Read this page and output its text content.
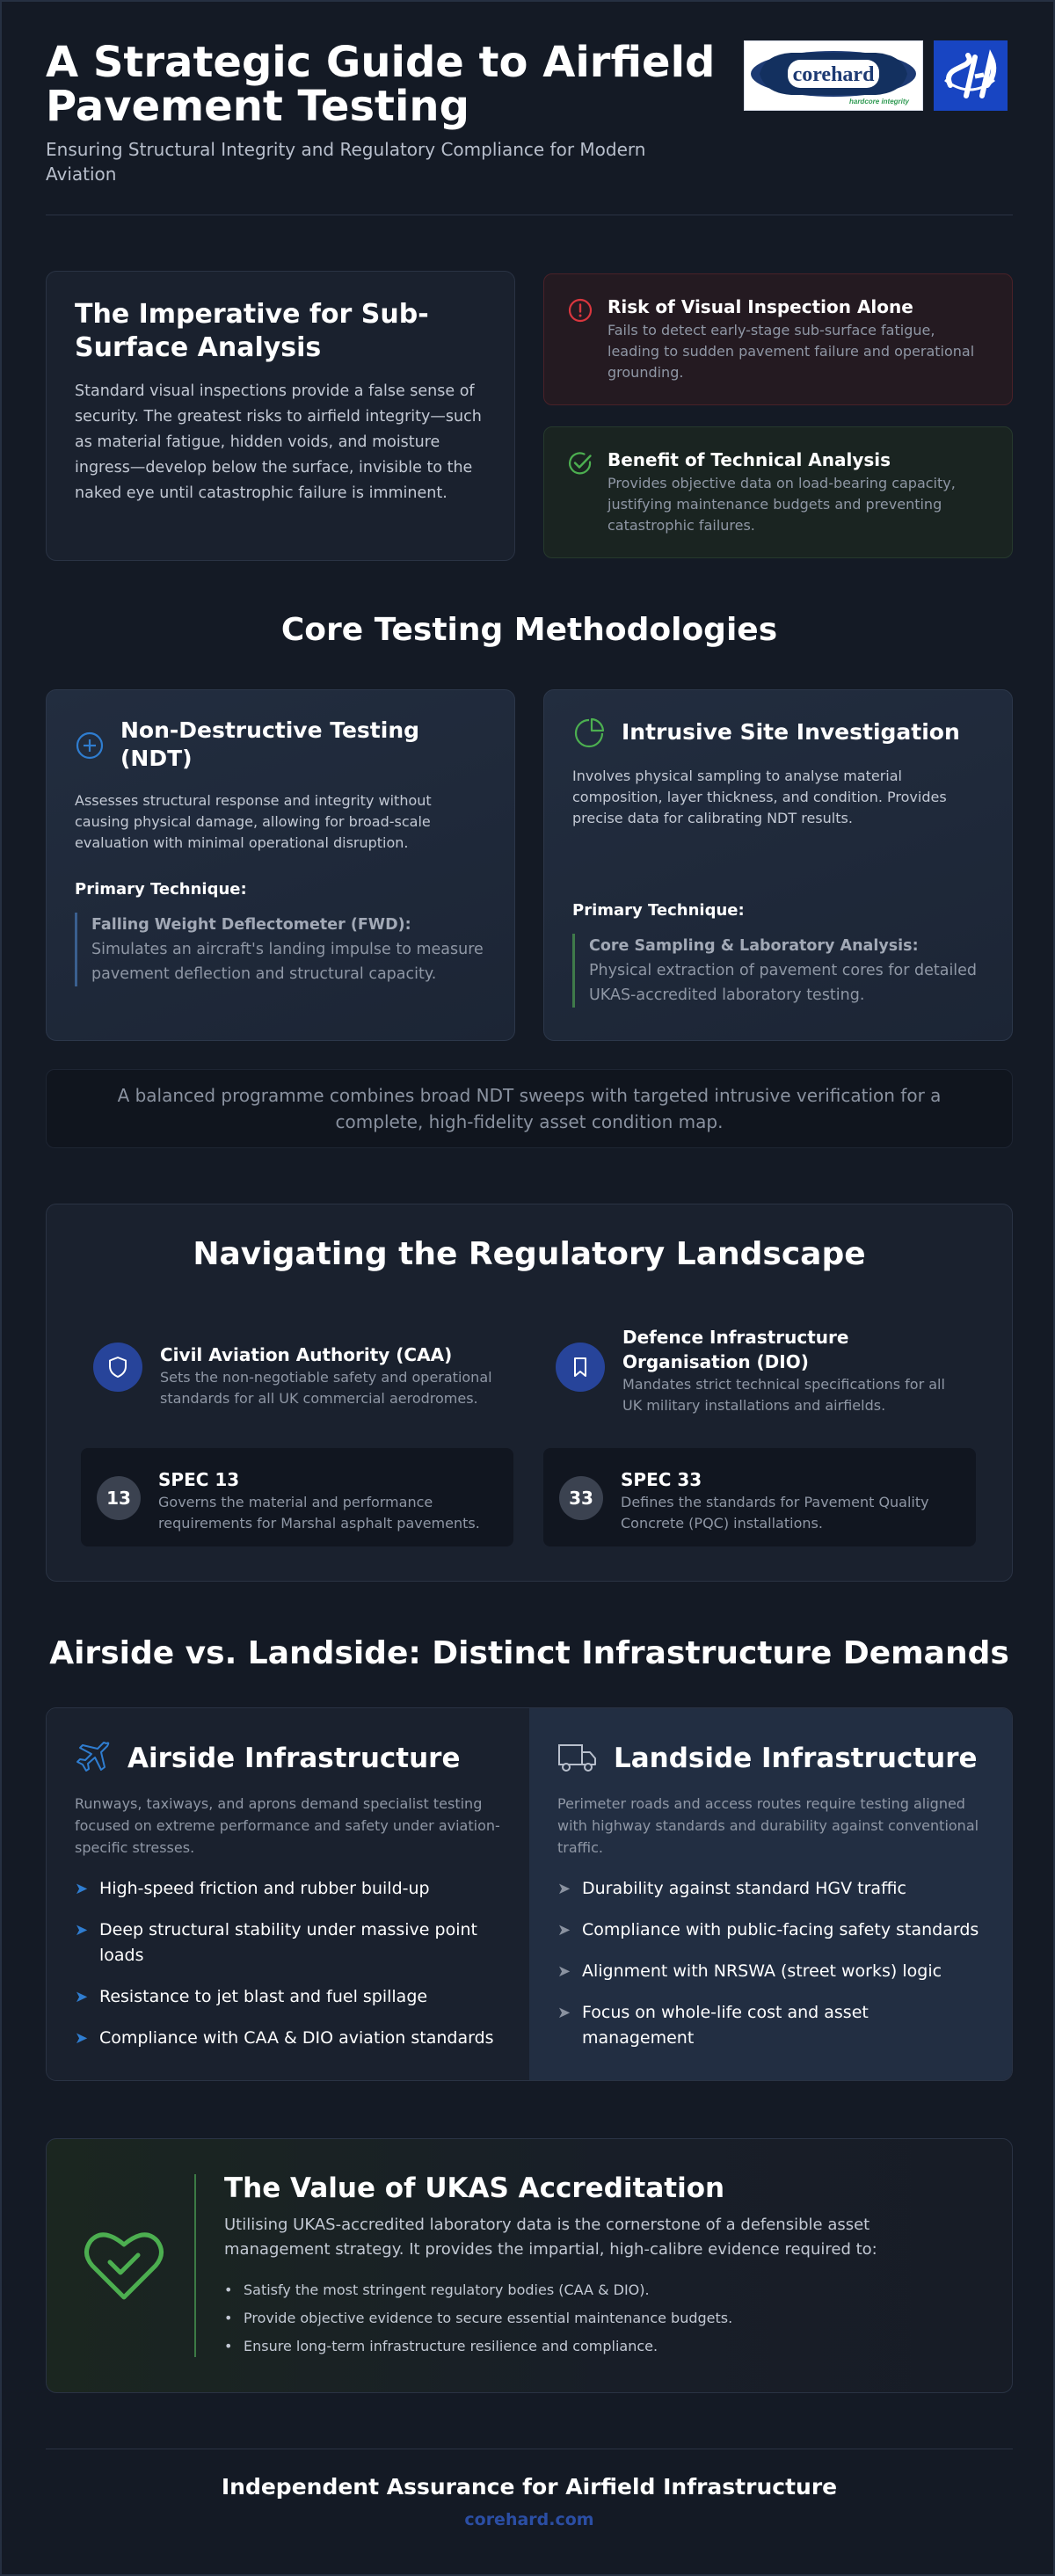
A Strategic Guide to Airfield Pavement Testing
Ensuring Structural Integrity and Regulatory Compliance for Modern Aviation
corehard
hardcore integrity
The Imperative for Sub-Surface Analysis

Standard visual inspections provide a false sense of security. The greatest risks to airfield integrity—such as material fatigue, hidden voids, and moisture ingress—develop below the surface, invisible to the naked eye until catastrophic failure is imminent.

Risk of Visual Inspection Alone

Fails to detect early-stage sub-surface fatigue, leading to sudden pavement failure and operational grounding.

Benefit of Technical Analysis

Provides objective data on load-bearing capacity, justifying maintenance budgets and preventing catastrophic failures.

Core Testing Methodologies
Non-Destructive Testing (NDT)

Assesses structural response and integrity without causing physical damage, allowing for broad-scale evaluation with minimal operational disruption.

Primary Technique:
Falling Weight Deflectometer (FWD): Simulates an aircraft's landing impulse to measure pavement deflection and structural capacity.
Intrusive Site Investigation

Involves physical sampling to analyse material composition, layer thickness, and condition. Provides precise data for calibrating NDT results.

Primary Technique:
Core Sampling & Laboratory Analysis: Physical extraction of pavement cores for detailed UKAS-accredited laboratory testing.
A balanced programme combines broad NDT sweeps with targeted intrusive verification for a complete, high-fidelity asset condition map.
Navigating the Regulatory Landscape
Civil Aviation Authority (CAA)

Sets the non-negotiable safety and operational standards for all UK commercial aerodromes.

Defence Infrastructure Organisation (DIO)

Mandates strict technical specifications for all UK military installations and airfields.

13
SPEC 13

Governs the material and performance requirements for Marshal asphalt pavements.

33
SPEC 33

Defines the standards for Pavement Quality Concrete (PQC) installations.

Airside vs. Landside: Distinct Infrastructure Demands
Airside Infrastructure

Runways, taxiways, and aprons demand specialist testing focused on extreme performance and safety under aviation-specific stresses.

➤ High-speed friction and rubber build-up
➤ Deep structural stability under massive point loads
➤ Resistance to jet blast and fuel spillage
➤ Compliance with CAA & DIO aviation standards
Landside Infrastructure

Perimeter roads and access routes require testing aligned with highway standards and durability against conventional traffic.

➤ Durability against standard HGV traffic
➤ Compliance with public-facing safety standards
➤ Alignment with NRSWA (street works) logic
➤ Focus on whole-life cost and asset management
The Value of UKAS Accreditation

Utilising UKAS-accredited laboratory data is the cornerstone of a defensible asset management strategy. It provides the impartial, high-calibre evidence required to:

• Satisfy the most stringent regulatory bodies (CAA & DIO).
• Provide objective evidence to secure essential maintenance budgets.
• Ensure long-term infrastructure resilience and compliance.
Independent Assurance for Airfield Infrastructure
corehard.com
